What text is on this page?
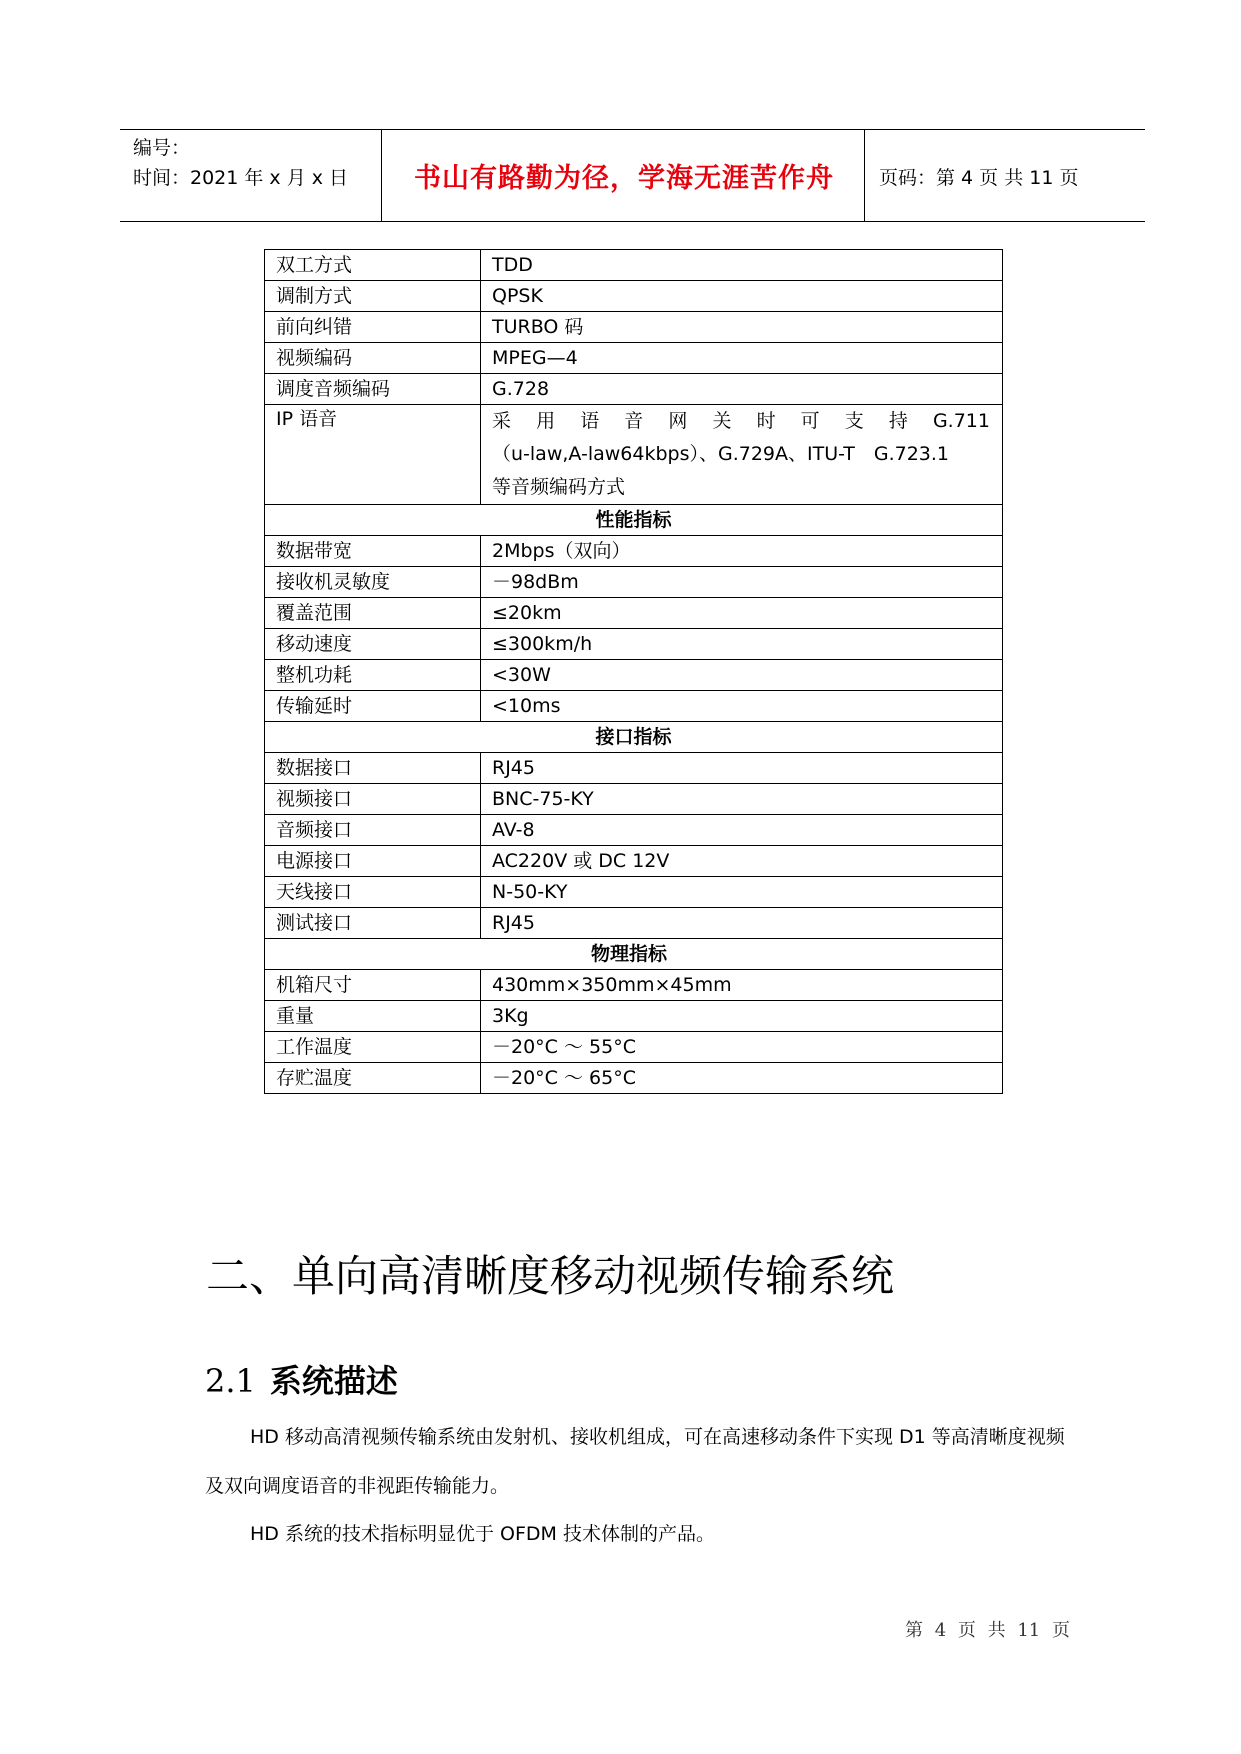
编号：
时间：2021 年 x 月 x 日	书山有路勤为径，学海无涯苦作舟	页码：第 4 页 共 11 页
双工方式	TDD
调制方式	QPSK
前向纠错	TURBO 码
视频编码	MPEG—4
调度音频编码	G.728
IP 语音	采 用 语 音 网 关 时 可 支 持 G.711
（u-law,A-law64kbps）、G.729A、ITU-T　G.723.1
等音频编码方式

性能指标	
数据带宽	2Mbps（双向）
接收机灵敏度	－98dBm
覆盖范围	≤20km
移动速度	≤300km/h
整机功耗	<30W
传输延时	<10ms
接口指标	
数据接口	RJ45
视频接口	BNC-75-KY
音频接口	AV-8
电源接口	AC220V 或 DC 12V
天线接口	N-50-KY
测试接口	RJ45
物理指标	
机箱尺寸	430mm×350mm×45mm
重量	3Kg
工作温度	－20°C ～ 55°C
存贮温度	－20°C ～ 65°C
二、单向高清晰度移动视频传输系统
2.1 系统描述
HD 移动高清视频传输系统由发射机、接收机组成，可在高速移动条件下实现 D1 等高清晰度视频及双向调度语音的非视距传输能力。
HD 系统的技术指标明显优于 OFDM 技术体制的产品。
第 4 页 共 11 页
